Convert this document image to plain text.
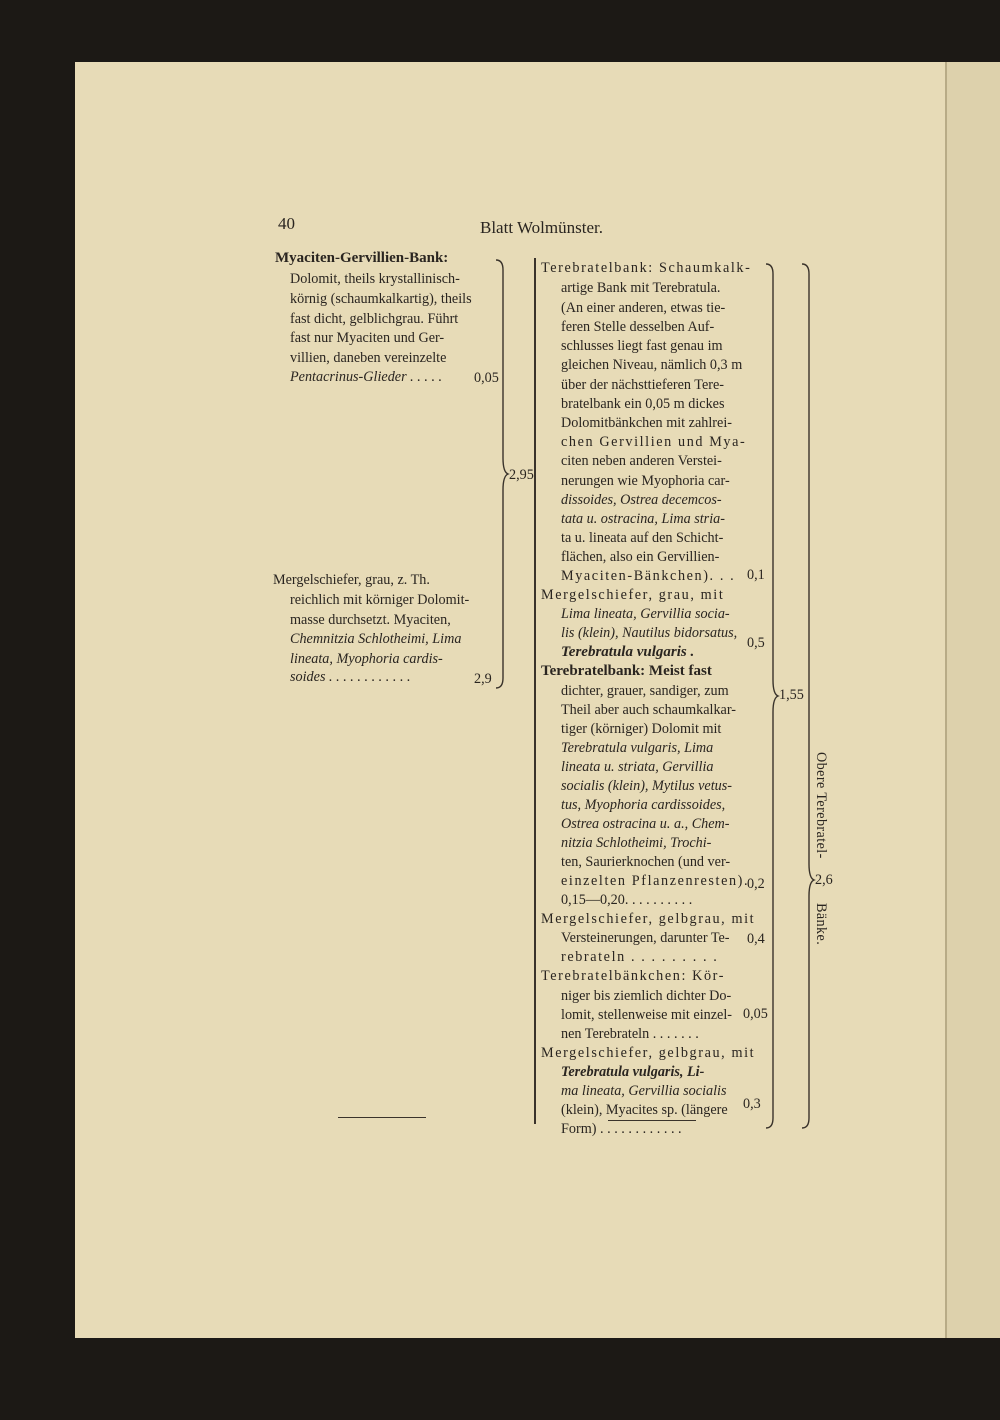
40	Blatt Wolmünster.
Myaciten-Gervillien-Bank:
Dolomit, theils krystallinisch-
körnig (schaumkalkartig), theils
fast dicht, gelblichgrau. Führt
fast nur Myaciten und Ger-
villien, daneben vereinzelte
Pentacrinus-Glieder . . . . . 0,05
Mergelschiefer, grau, z. Th.
reichlich mit körniger Dolomit-
masse durchsetzt. Myaciten,
Chemnitzia Schlotheimi, Lima
lineata, Myophoria cardis-
soides . . . . . . . . . . . .	2,9
2,95
Terebratelbank: Schaumkalk-
artige Bank mit Terebratula.
(An einer anderen, etwas tie-
feren Stelle desselben Auf-
schlusses liegt fast genau im
gleichen Niveau, nämlich 0,3 m
über der nächsttieferen Tere-
bratelbank ein 0,05 m dickes
Dolomitbänkchen mit zahlrei-
chen Gervillien und Mya-
citen neben anderen Verstei-
nerungen wie Myophoria car-
dissoides, Ostrea decemcos-
tata u. ostracina, Lima stria-
ta u. lineata auf den Schicht-
flächen, also ein Gervillien-
Myaciten-Bänkchen). . . 0,1
Mergelschiefer, grau, mit
Lima lineata, Gervillia socia-
lis (klein), Nautilus bidorsatus,
Terebratula vulgaris .
0,5
Terebratelbank: Meist fast
dichter, grauer, sandiger, zum
Theil aber auch schaumkalkar-
tiger (körniger) Dolomit mit
Terebratula vulgaris, Lima
lineata u. striata, Gervillia
socialis (klein), Mytilus vetus-
tus, Myophoria cardissoides,
Ostrea ostracina u. a., Chem-
nitzia Schlotheimi, Trochi-
ten, Saurierknochen (und ver-
einzelten Pflanzenresten).
0,15—0,20. . . . . . . . . .
0,2
Mergelschiefer, gelbgrau, mit
Versteinerungen, darunter Te-
rebrateln . . . . . . . . .
0,4
Terebratelbänkchen: Kör-
niger bis ziemlich dichter Do-
lomit, stellenweise mit einzel-
nen Terebrateln . . . . . . .
0,05
Mergelschiefer, gelbgrau, mit
Terebratula vulgaris, Li-
ma lineata, Gervillia socialis
(klein), Myacites sp. (längere
Form) . . . . . . . . . . . .
0,3
1,55
2,6
Obere Terebratel-
Bänke.
